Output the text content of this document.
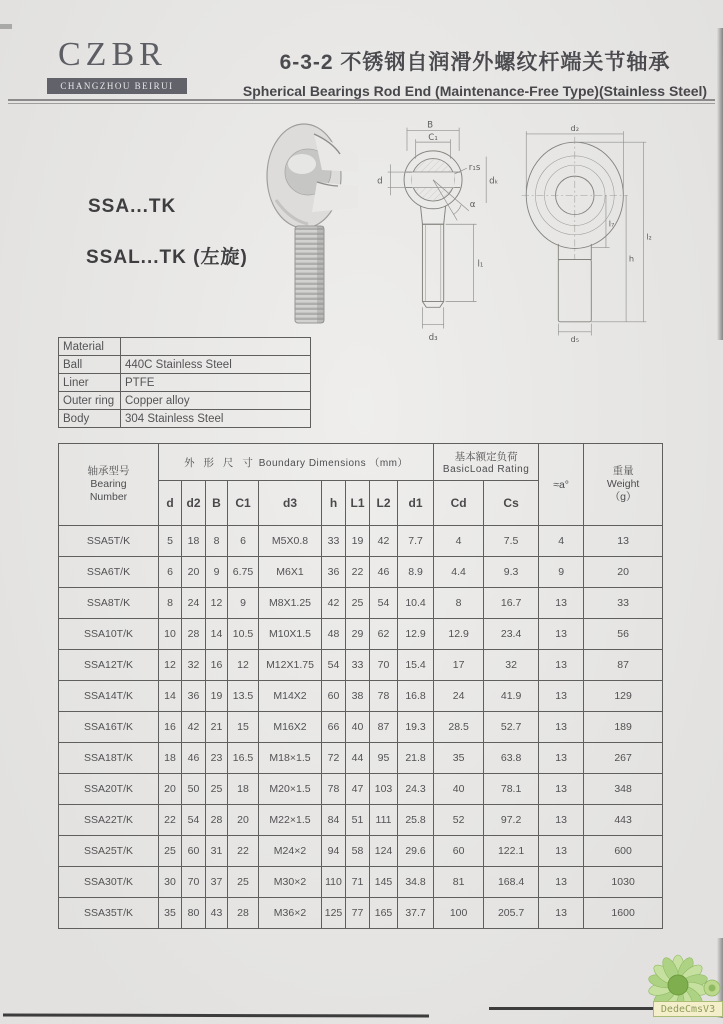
CZBR
CHANGZHOU BEIRUI
6-3-2 不锈钢自润滑外螺纹杆端关节轴承
Spherical Bearings Rod End (Maintenance-Free Type)(Stainless Steel)
SSA...TK
SSAL...TK (左旋)
B
C₁
d
r₁s
dₖ
α
l₁
d₃
d₂
l₇
h
l₂
d₅
Material	
Ball	440C Stainless Steel
Liner	PTFE
Outer ring	Copper alloy
Body	304 Stainless Steel
轴承型号
Bearing
Number
	外 形 尺 寸 Boundary Dimensions （mm）	
基本额定负荷
BasicLoad Rating
	≈a°	
重量
Weight
（g）

	d	d2	B	C1	d3	h	L1	L2	d1	Cd	Cs		
SSA5T/K	5	18	8	6	M5X0.8	33	19	42	7.7	4	7.5	4	13
SSA6T/K	6	20	9	6.75	M6X1	36	22	46	8.9	4.4	9.3	9	20
SSA8T/K	8	24	12	9	M8X1.25	42	25	54	10.4	8	16.7	13	33
SSA10T/K	10	28	14	10.5	M10X1.5	48	29	62	12.9	12.9	23.4	13	56
SSA12T/K	12	32	16	12	M12X1.75	54	33	70	15.4	17	32	13	87
SSA14T/K	14	36	19	13.5	M14X2	60	38	78	16.8	24	41.9	13	129
SSA16T/K	16	42	21	15	M16X2	66	40	87	19.3	28.5	52.7	13	189
SSA18T/K	18	46	23	16.5	M18×1.5	72	44	95	21.8	35	63.8	13	267
SSA20T/K	20	50	25	18	M20×1.5	78	47	103	24.3	40	78.1	13	348
SSA22T/K	22	54	28	20	M22×1.5	84	51	111	25.8	52	97.2	13	443
SSA25T/K	25	60	31	22	M24×2	94	58	124	29.6	60	122.1	13	600
SSA30T/K	30	70	37	25	M30×2	110	71	145	34.8	81	168.4	13	1030
SSA35T/K	35	80	43	28	M36×2	125	77	165	37.7	100	205.7	13	1600
DedeCmsV3
